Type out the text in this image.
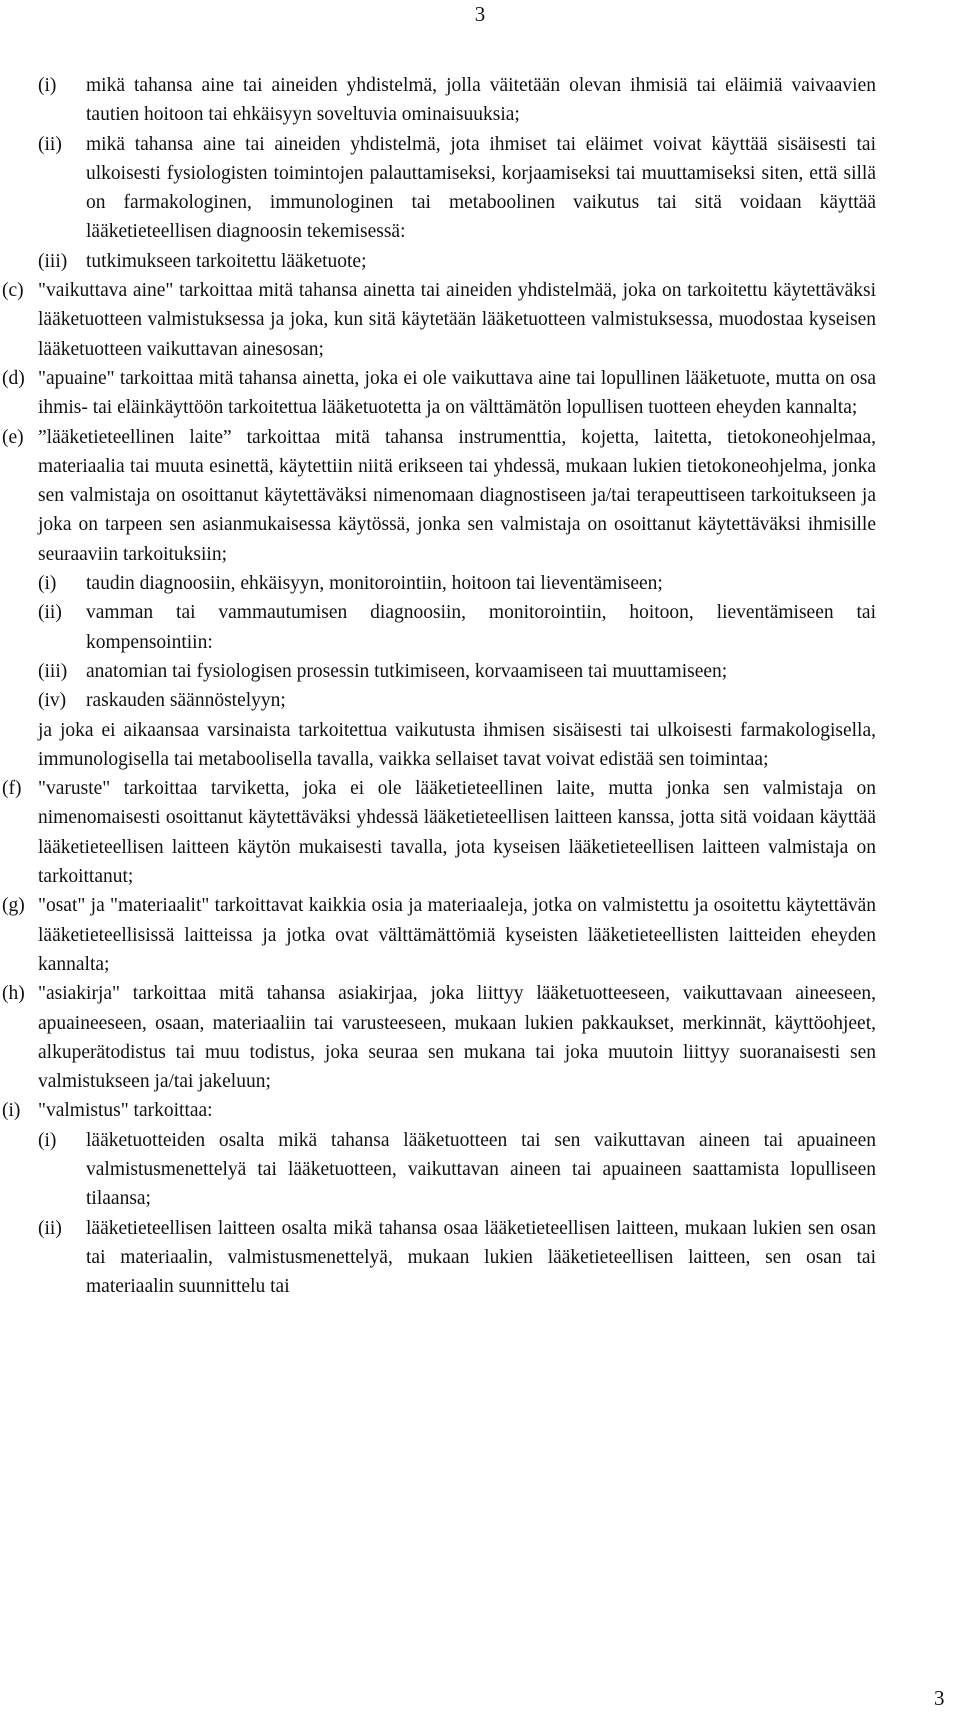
3
(i) mikä tahansa aine tai aineiden yhdistelmä, jolla väitetään olevan ihmisiä tai eläimiä vaivaavien tautien hoitoon tai ehkäisyyn soveltuvia ominaisuuksia;
(ii) mikä tahansa aine tai aineiden yhdistelmä, jota ihmiset tai eläimet voivat käyttää sisäisesti tai ulkoisesti fysiologisten toimintojen palauttamiseksi, korjaamiseksi tai muuttamiseksi siten, että sillä on farmakologinen, immunologinen tai metaboolinen vaikutus tai sitä voidaan käyttää lääketieteellisen diagnoosin tekemisessä:
(iii) tutkimukseen tarkoitettu lääketuote;
(c) "vaikuttava aine" tarkoittaa mitä tahansa ainetta tai aineiden yhdistelmää, joka on tarkoitettu käytettäväksi lääketuotteen valmistuksessa ja joka, kun sitä käytetään lääketuotteen valmistuksessa, muodostaa kyseisen lääketuotteen vaikuttavan ainesosan;
(d) "apuaine" tarkoittaa mitä tahansa ainetta, joka ei ole vaikuttava aine tai lopullinen lääketuote, mutta on osa ihmis- tai eläinkäyttöön tarkoitettua lääketuotetta ja on välttämätön lopullisen tuotteen eheyden kannalta;
(e) ”lääketieteellinen laite” tarkoittaa mitä tahansa instrumenttia, kojetta, laitetta, tietokoneohjelmaa, materiaalia tai muuta esinettä, käytettiin niitä erikseen tai yhdessä, mukaan lukien tietokoneohjelma, jonka sen valmistaja on osoittanut käytettäväksi nimenomaan diagnostiseen ja/tai terapeuttiseen tarkoitukseen ja joka on tarpeen sen asianmukaisessa käytössä, jonka sen valmistaja on osoittanut käytettäväksi ihmisille seuraaviin tarkoituksiin;
(i) taudin diagnoosiin, ehkäisyyn, monitorointiin, hoitoon tai lieventämiseen;
(ii) vamman tai vammautumisen diagnoosiin, monitorointiin, hoitoon, lieventämiseen tai kompensointiin:
(iii) anatomian tai fysiologisen prosessin tutkimiseen, korvaamiseen tai muuttamiseen;
(iv) raskauden säännöstelyyn;
ja joka ei aikaansaa varsinaista tarkoitettua vaikutusta ihmisen sisäisesti tai ulkoisesti farmakologisella, immunologisella tai metaboolisella tavalla, vaikka sellaiset tavat voivat edistää sen toimintaa;
(f) "varuste" tarkoittaa tarviketta, joka ei ole lääketieteellinen laite, mutta jonka sen valmistaja on nimenomaisesti osoittanut käytettäväksi yhdessä lääketieteellisen laitteen kanssa, jotta sitä voidaan käyttää lääketieteellisen laitteen käytön mukaisesti tavalla, jota kyseisen lääketieteellisen laitteen valmistaja on tarkoittanut;
(g) "osat" ja "materiaalit" tarkoittavat kaikkia osia ja materiaaleja, jotka on valmistettu ja osoitettu käytettävän lääketieteellisissä laitteissa ja jotka ovat välttämättömiä kyseisten lääketieteellisten laitteiden eheyden kannalta;
(h) "asiakirja" tarkoittaa mitä tahansa asiakirjaa, joka liittyy lääketuotteeseen, vaikuttavaan aineeseen, apuaineeseen, osaan, materiaaliin tai varusteeseen, mukaan lukien pakkaukset, merkinnät, käyttöohjeet, alkuperätodistus tai muu todistus, joka seuraa sen mukana tai joka muutoin liittyy suoranaisesti sen valmistukseen ja/tai jakeluun;
(i) "valmistus" tarkoittaa:
(i) lääketuotteiden osalta mikä tahansa lääketuotteen tai sen vaikuttavan aineen tai apuaineen valmistusmenettelyä tai lääketuotteen, vaikuttavan aineen tai apuaineen saattamista lopulliseen tilaansa;
(ii) lääketieteellisen laitteen osalta mikä tahansa osaa lääketieteellisen laitteen, mukaan lukien sen osan tai materiaalin, valmistusmenettelyä, mukaan lukien lääketieteellisen laitteen, sen osan tai materiaalin suunnittelu tai
3
